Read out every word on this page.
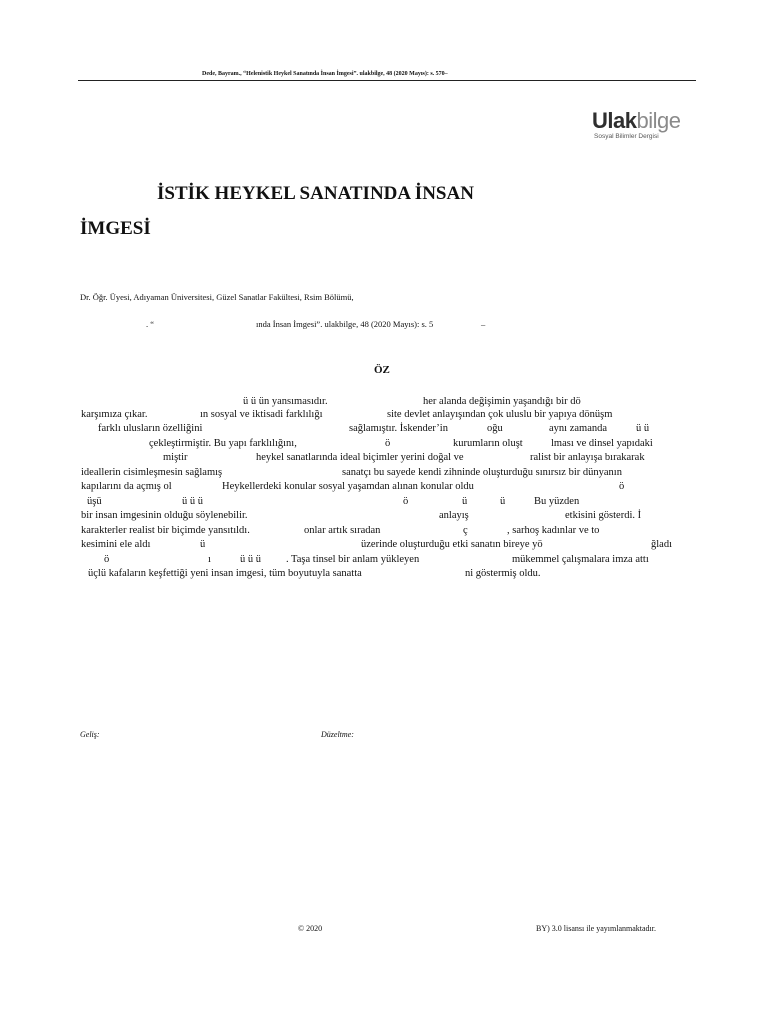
Dede, Bayram., “Helenistik Heykel Sanatında İnsan İmgesi”. ulakbilge, 48 (2020 Mayıs): s. 570–
Ulakbilge
Sosyal Bilimler Dergisi
İSTİK HEYKEL SANATINDA İNSAN
İMGESİ
Dr. Öğr. Üyesi, Adıyaman Üniversitesi, Güzel Sanatlar Fakültesi, Rsim Bölümü,
. “	ında İnsan İmgesi”. ulakbilge, 48 (2020 Mayıs): s. 5	–
ÖZ
ü ü ün yansımasıdır.	her alanda değişimin yaşandığı bir dö
karşımıza çıkar.	ın sosyal ve iktisadi farklılığı	site devlet anlayışından çok uluslu bir yapıya dönüşm
farklı ulusların özelliğini	sağlamıştır. İskender’in	oğu	aynı zamanda	ü ü
çekleştirmiştir. Bu yapı farklılığını,	ö	kurumların oluşt	lması ve dinsel yapıdaki
miştir	heykel sanatlarında ideal biçimler yerini doğal ve	ralist bir anlayışa bırakarak
ideallerin cisimleşmesin sağlamış	sanatçı bu sayede kendi zihninde oluşturduğu sınırsız bir dünyanın
kapılarını da açmış ol	Heykellerdeki konular sosyal yaşamdan alınan konular oldu	ö
üşü	ü ü ü	ö	ü	ü	Bu yüzden
bir insan imgesinin olduğu söylenebilir.	anlayış	etkisini gösterdi. İ
karakterler realist bir biçimde yansıtıldı.	onlar artık sıradan	ç	, sarhoş kadınlar ve to
kesimini ele aldı	ü	üzerinde oluşturduğu etki sanatın bireye yö	ğladı
ö	ı	ü ü ü . Taşa tinsel bir anlam yükleyen	mükemmel çalışmalara imza attı
üçlü kafaların keşfettiği yeni insan imgesi, tüm boyutuyla sanatta	ni göstermiş oldu.
Geliş:	Düzeltme:
© 2020	BY) 3.0 lisansı ile yayımlanmaktadır.
